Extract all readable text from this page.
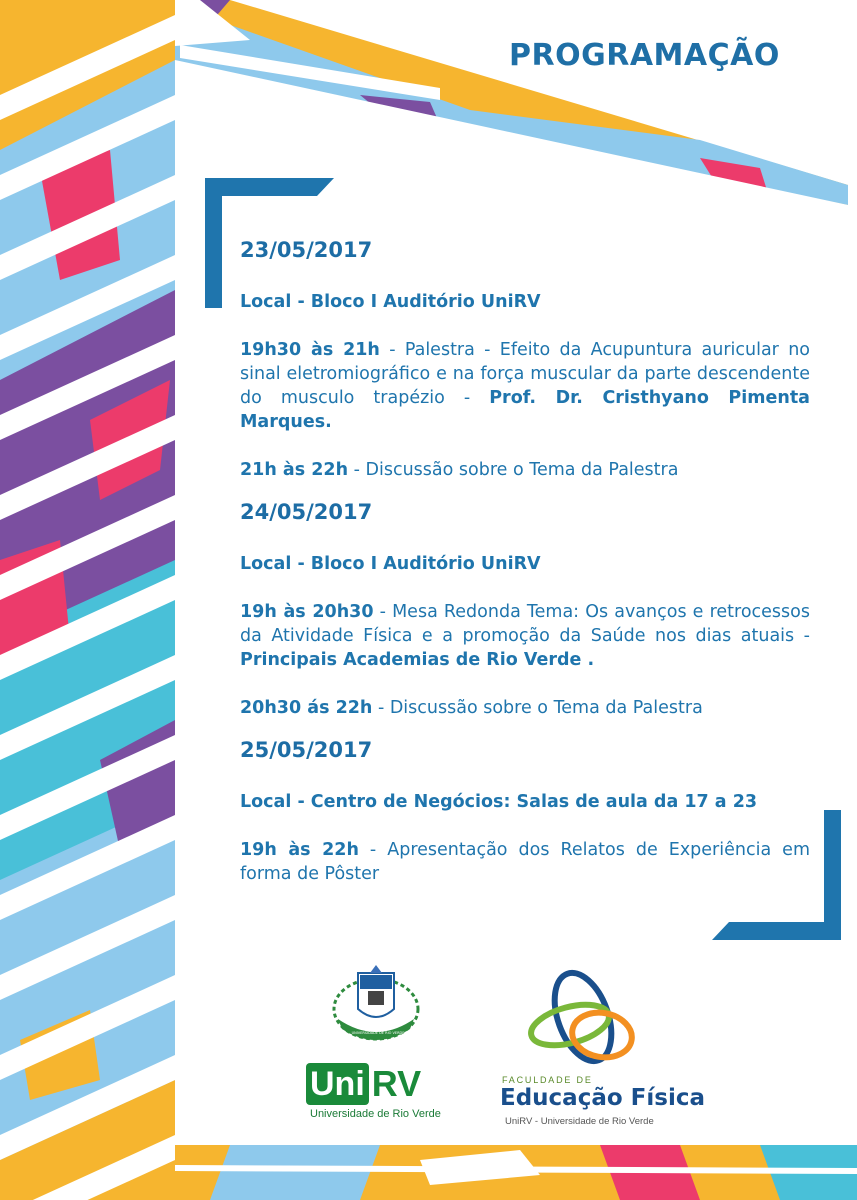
PROGRAMAÇÃO
23/05/2017
Local - Bloco I Auditório UniRV
19h30 às 21h - Palestra - Efeito da Acupuntura auricular no sinal eletromiográfico e na força muscular da parte descendente do musculo trapézio - Prof. Dr. Cristhyano Pimenta Marques.
21h às 22h - Discussão sobre o Tema da Palestra
24/05/2017
Local - Bloco I Auditório UniRV
19h às 20h30 - Mesa Redonda Tema: Os avanços e retrocessos da Atividade Física e a promoção da Saúde nos dias atuais - Principais Academias de Rio Verde .
20h30 ás 22h - Discussão sobre o Tema da Palestra
25/05/2017
Local - Centro de Negócios: Salas de aula da 17 a 23
19h às 22h - Apresentação dos Relatos de Experiência em forma de Pôster
1973
UNIVERSIDADE DE RIO VERDE
Uni RV
Universidade de Rio Verde
FACULDADE DE
Educação Física
UniRV - Universidade de Rio Verde
